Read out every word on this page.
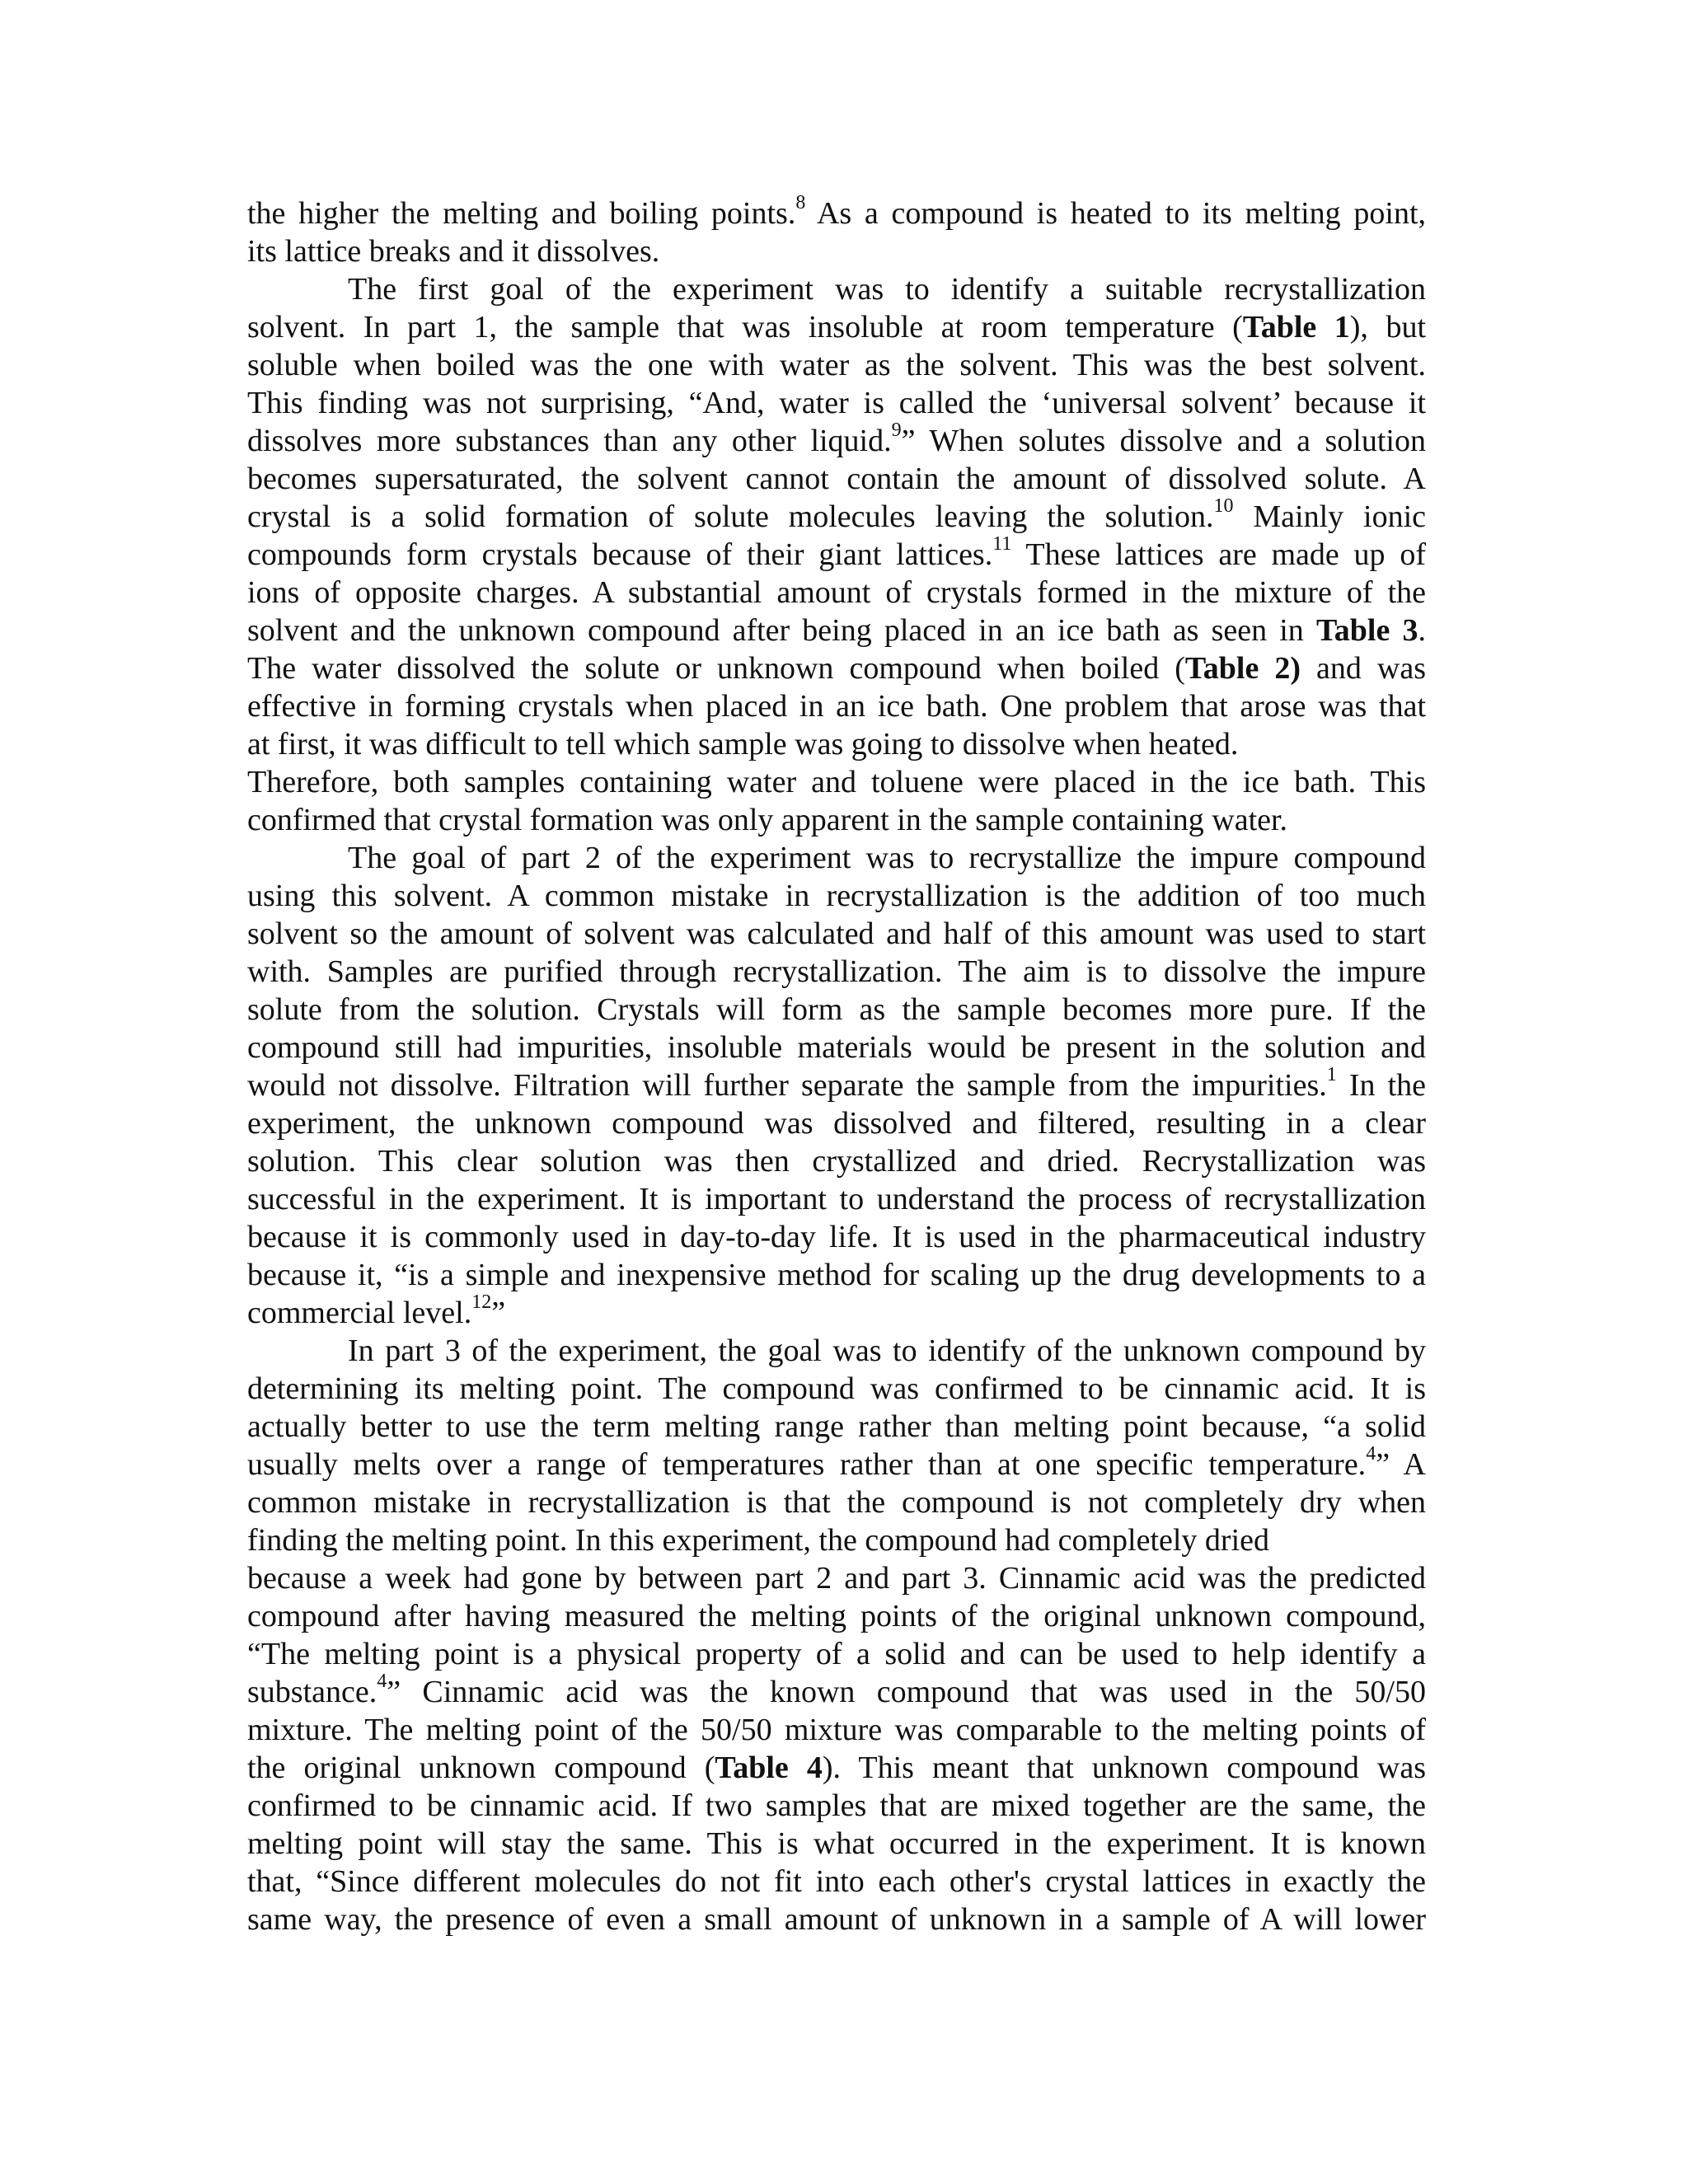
the higher the melting and boiling points.$^8$ As a compound is heated to its melting point,
its lattice breaks and it dissolves.
The first goal of the experiment was to identify a suitable recrystallization
solvent. In part 1, the sample that was insoluble at room temperature (Table 1), but
soluble when boiled was the one with water as the solvent. This was the best solvent.
This finding was not surprising, “And, water is called the ‘universal solvent’ because it
dissolves more substances than any other liquid.$^9$” When solutes dissolve and a solution
becomes supersaturated, the solvent cannot contain the amount of dissolved solute. A
crystal is a solid formation of solute molecules leaving the solution.$^{10}$ Mainly ionic
compounds form crystals because of their giant lattices.$^{11}$ These lattices are made up of
ions of opposite charges. A substantial amount of crystals formed in the mixture of the
solvent and the unknown compound after being placed in an ice bath as seen in Table 3.
The water dissolved the solute or unknown compound when boiled (Table 2) and was
effective in forming crystals when placed in an ice bath. One problem that arose was that
at first, it was difficult to tell which sample was going to dissolve when heated.
Therefore, both samples containing water and toluene were placed in the ice bath. This
confirmed that crystal formation was only apparent in the sample containing water.
The goal of part 2 of the experiment was to recrystallize the impure compound
using this solvent. A common mistake in recrystallization is the addition of too much
solvent so the amount of solvent was calculated and half of this amount was used to start
with. Samples are purified through recrystallization. The aim is to dissolve the impure
solute from the solution. Crystals will form as the sample becomes more pure. If the
compound still had impurities, insoluble materials would be present in the solution and
would not dissolve. Filtration will further separate the sample from the impurities.$^1$ In the
experiment, the unknown compound was dissolved and filtered, resulting in a clear
solution. This clear solution was then crystallized and dried. Recrystallization was
successful in the experiment. It is important to understand the process of recrystallization
because it is commonly used in day-to-day life. It is used in the pharmaceutical industry
because it, “is a simple and inexpensive method for scaling up the drug developments to a
commercial level.$^{12}$”
In part 3 of the experiment, the goal was to identify of the unknown compound by
determining its melting point. The compound was confirmed to be cinnamic acid. It is
actually better to use the term melting range rather than melting point because, “a solid
usually melts over a range of temperatures rather than at one specific temperature.$^4$” A
common mistake in recrystallization is that the compound is not completely dry when
finding the melting point. In this experiment, the compound had completely dried
because a week had gone by between part 2 and part 3. Cinnamic acid was the predicted
compound after having measured the melting points of the original unknown compound,
“The melting point is a physical property of a solid and can be used to help identify a
substance.$^4$” Cinnamic acid was the known compound that was used in the 50/50
mixture. The melting point of the 50/50 mixture was comparable to the melting points of
the original unknown compound (Table 4). This meant that unknown compound was
confirmed to be cinnamic acid. If two samples that are mixed together are the same, the
melting point will stay the same. This is what occurred in the experiment. It is known
that, “Since different molecules do not fit into each other's crystal lattices in exactly the
same way, the presence of even a small amount of unknown in a sample of A will lower
